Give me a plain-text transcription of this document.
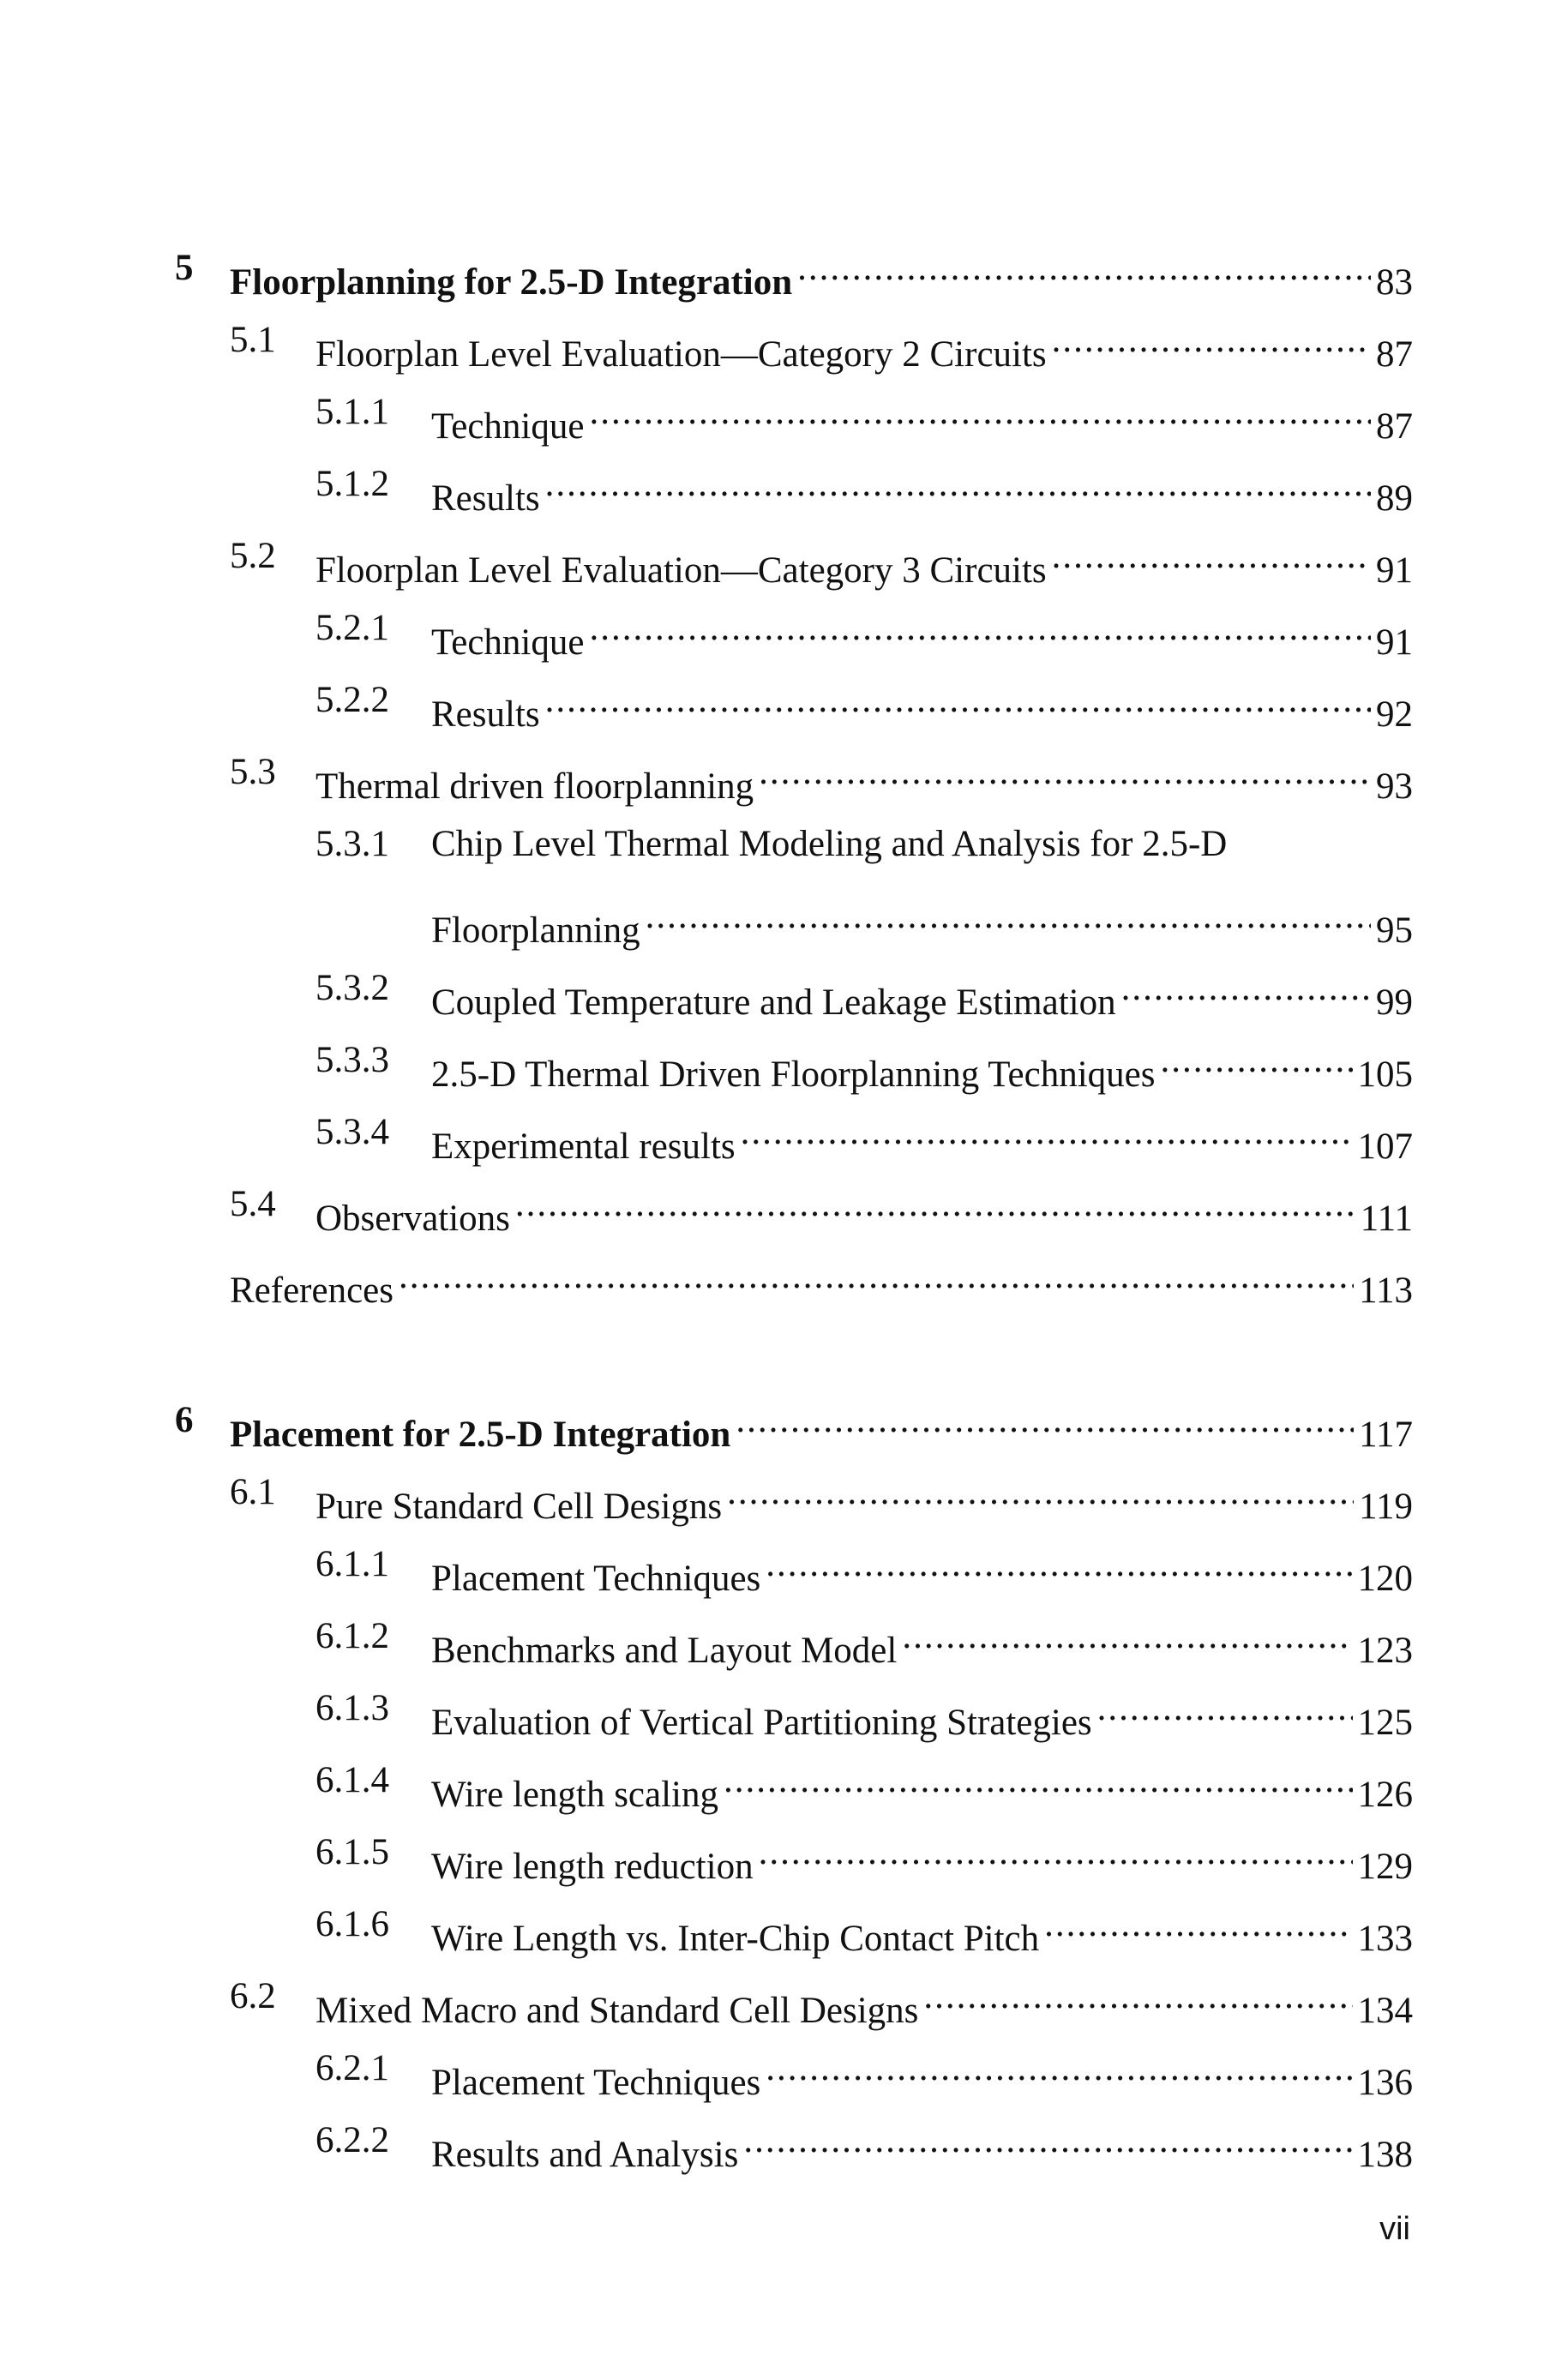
5 Floorplanning for 2.5-D Integration .....	83
5.1 Floorplan Level Evaluation—Category 2 Circuits .....	87
5.1.1 Technique .....	87
5.1.2 Results .....	89
5.2 Floorplan Level Evaluation—Category 3 Circuits .....	91
5.2.1 Technique .....	91
5.2.2 Results .....	92
5.3 Thermal driven floorplanning .....	93
5.3.1 Chip Level Thermal Modeling and Analysis for 2.5-D
Floorplanning .....	95
5.3.2 Coupled Temperature and Leakage Estimation .....	99
5.3.3 2.5-D Thermal Driven Floorplanning Techniques .....	105
5.3.4 Experimental results .....	107
5.4 Observations .....	111
References .....	113
6 Placement for 2.5-D Integration .....	117
6.1 Pure Standard Cell Designs .....	119
6.1.1 Placement Techniques .....	120
6.1.2 Benchmarks and Layout Model .....	123
6.1.3 Evaluation of Vertical Partitioning Strategies .....	125
6.1.4 Wire length scaling .....	126
6.1.5 Wire length reduction .....	129
6.1.6 Wire Length vs. Inter-Chip Contact Pitch .....	133
6.2 Mixed Macro and Standard Cell Designs .....	134
6.2.1 Placement Techniques .....	136
6.2.2 Results and Analysis .....	138
vii
